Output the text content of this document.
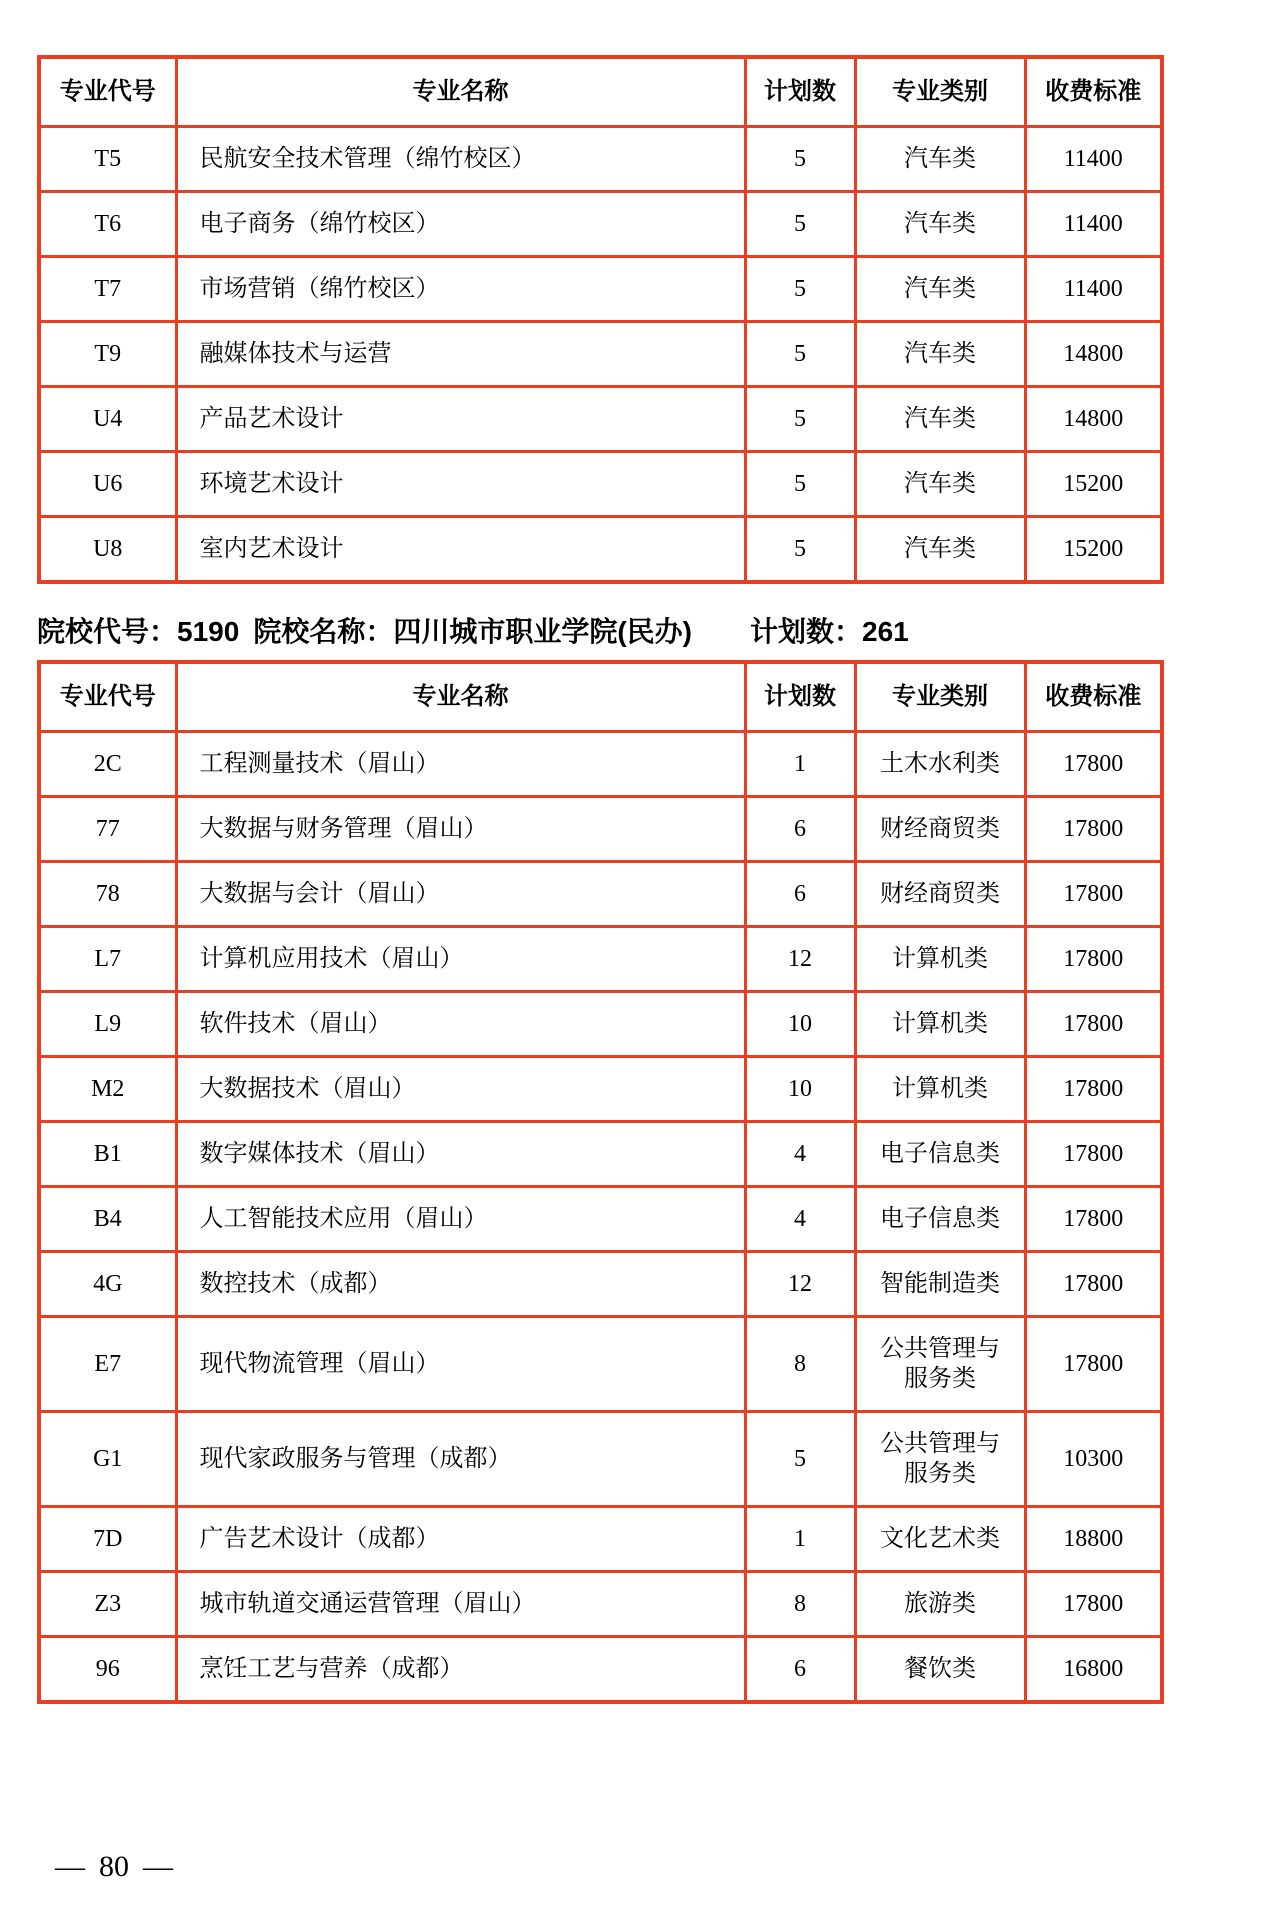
专业代号	专业名称	计划数	专业类别	收费标准
T5	民航安全技术管理（绵竹校区）	5	汽车类	11400
T6	电子商务（绵竹校区）	5	汽车类	11400
T7	市场营销（绵竹校区）	5	汽车类	11400
T9	融媒体技术与运营	5	汽车类	14800
U4	产品艺术设计	5	汽车类	14800
U6	环境艺术设计	5	汽车类	15200
U8	室内艺术设计	5	汽车类	15200
院校代号：5190 院校名称：四川城市职业学院(民办) 计划数：261
专业代号	专业名称	计划数	专业类别	收费标准
2C	工程测量技术（眉山）	1	土木水利类	17800
77	大数据与财务管理（眉山）	6	财经商贸类	17800
78	大数据与会计（眉山）	6	财经商贸类	17800
L7	计算机应用技术（眉山）	12	计算机类	17800
L9	软件技术（眉山）	10	计算机类	17800
M2	大数据技术（眉山）	10	计算机类	17800
B1	数字媒体技术（眉山）	4	电子信息类	17800
B4	人工智能技术应用（眉山）	4	电子信息类	17800
4G	数控技术（成都）	12	智能制造类	17800
E7	现代物流管理（眉山）	8	公共管理与服务类	17800
G1	现代家政服务与管理（成都）	5	公共管理与服务类	10300
7D	广告艺术设计（成都）	1	文化艺术类	18800
Z3	城市轨道交通运营管理（眉山）	8	旅游类	17800
96	烹饪工艺与营养（成都）	6	餐饮类	16800
— 80 —
